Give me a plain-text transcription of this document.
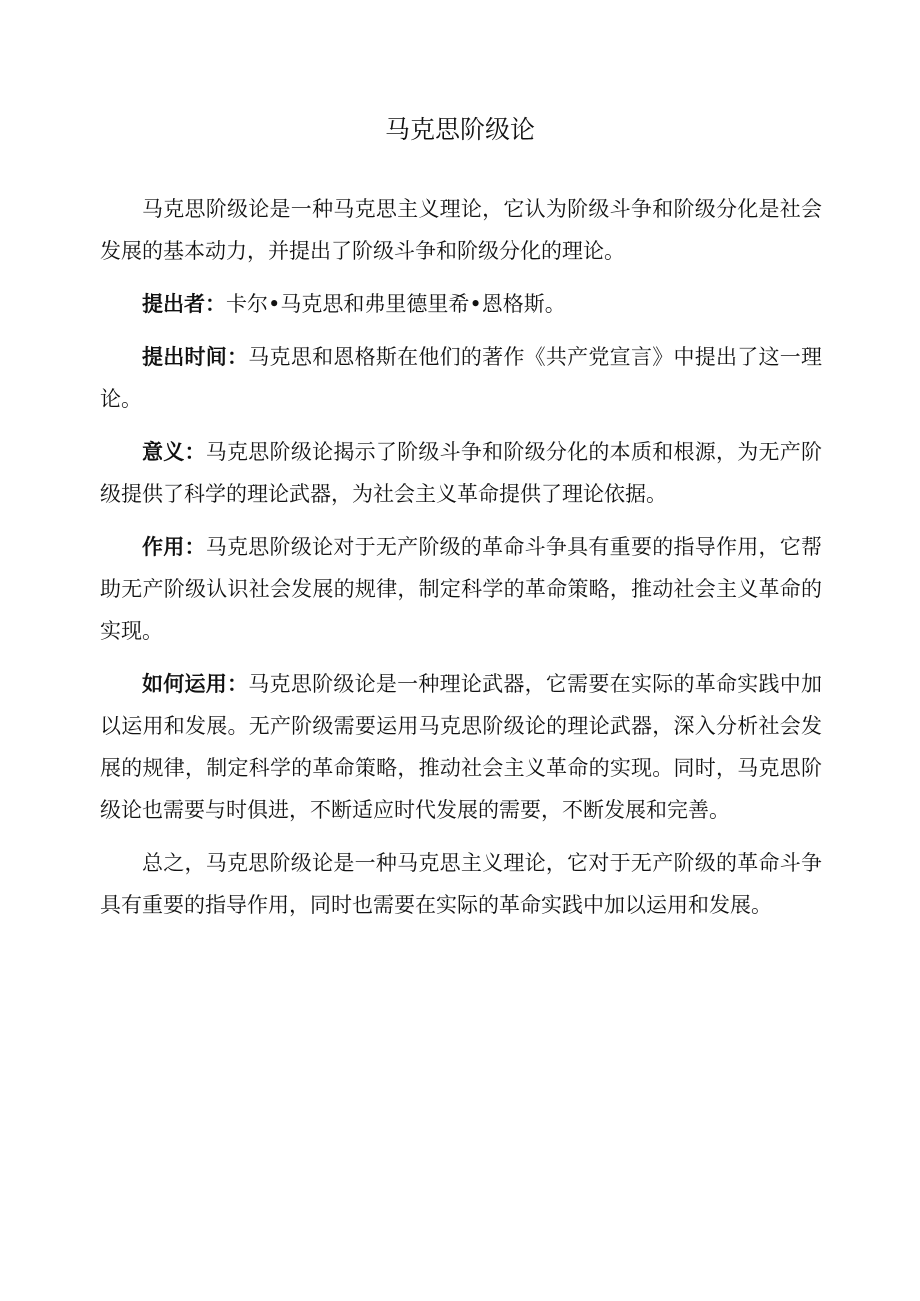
马克思阶级论

马克思阶级论是一种马克思主义理论，它认为阶级斗争和阶级分化是社会发展的基本动力，并提出了阶级斗争和阶级分化的理论。

提出者：卡尔•马克思和弗里德里希•恩格斯。

提出时间：马克思和恩格斯在他们的著作《共产党宣言》中提出了这一理论。

意义：马克思阶级论揭示了阶级斗争和阶级分化的本质和根源，为无产阶级提供了科学的理论武器，为社会主义革命提供了理论依据。

作用：马克思阶级论对于无产阶级的革命斗争具有重要的指导作用，它帮助无产阶级认识社会发展的规律，制定科学的革命策略，推动社会主义革命的实现。

如何运用：马克思阶级论是一种理论武器，它需要在实际的革命实践中加以运用和发展。无产阶级需要运用马克思阶级论的理论武器，深入分析社会发展的规律，制定科学的革命策略，推动社会主义革命的实现。同时，马克思阶级论也需要与时俱进，不断适应时代发展的需要，不断发展和完善。

总之，马克思阶级论是一种马克思主义理论，它对于无产阶级的革命斗争具有重要的指导作用，同时也需要在实际的革命实践中加以运用和发展。
